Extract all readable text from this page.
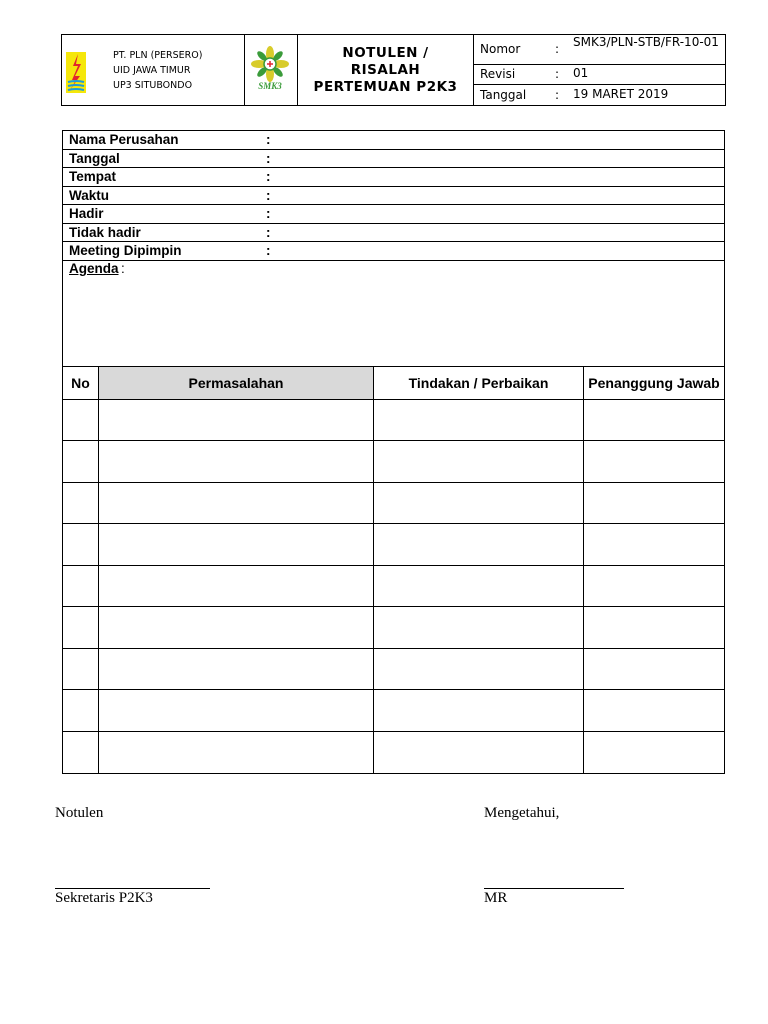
PT. PLN (PERSERO)
UID JAWA TIMUR
UP3 SITUBONDO	SMK3
NOTULEN /
RISALAH
PERTEMUAN P2K3
Nomor	: SMK3/PLN-STB/FR-10-01
Revisi	: 01
Tanggal : 19 MARET 2019
Nama Perusahan	:
Tanggal	:
Tempat	:
Waktu	:
Hadir	:
Tidak hadir	:
Meeting Dipimpin	:
Agenda :
No	Permasalahan	Tindakan / Perbaikan	Penanggung Jawab
Notulen
Sekretaris P2K3
Mengetahui,
MR
